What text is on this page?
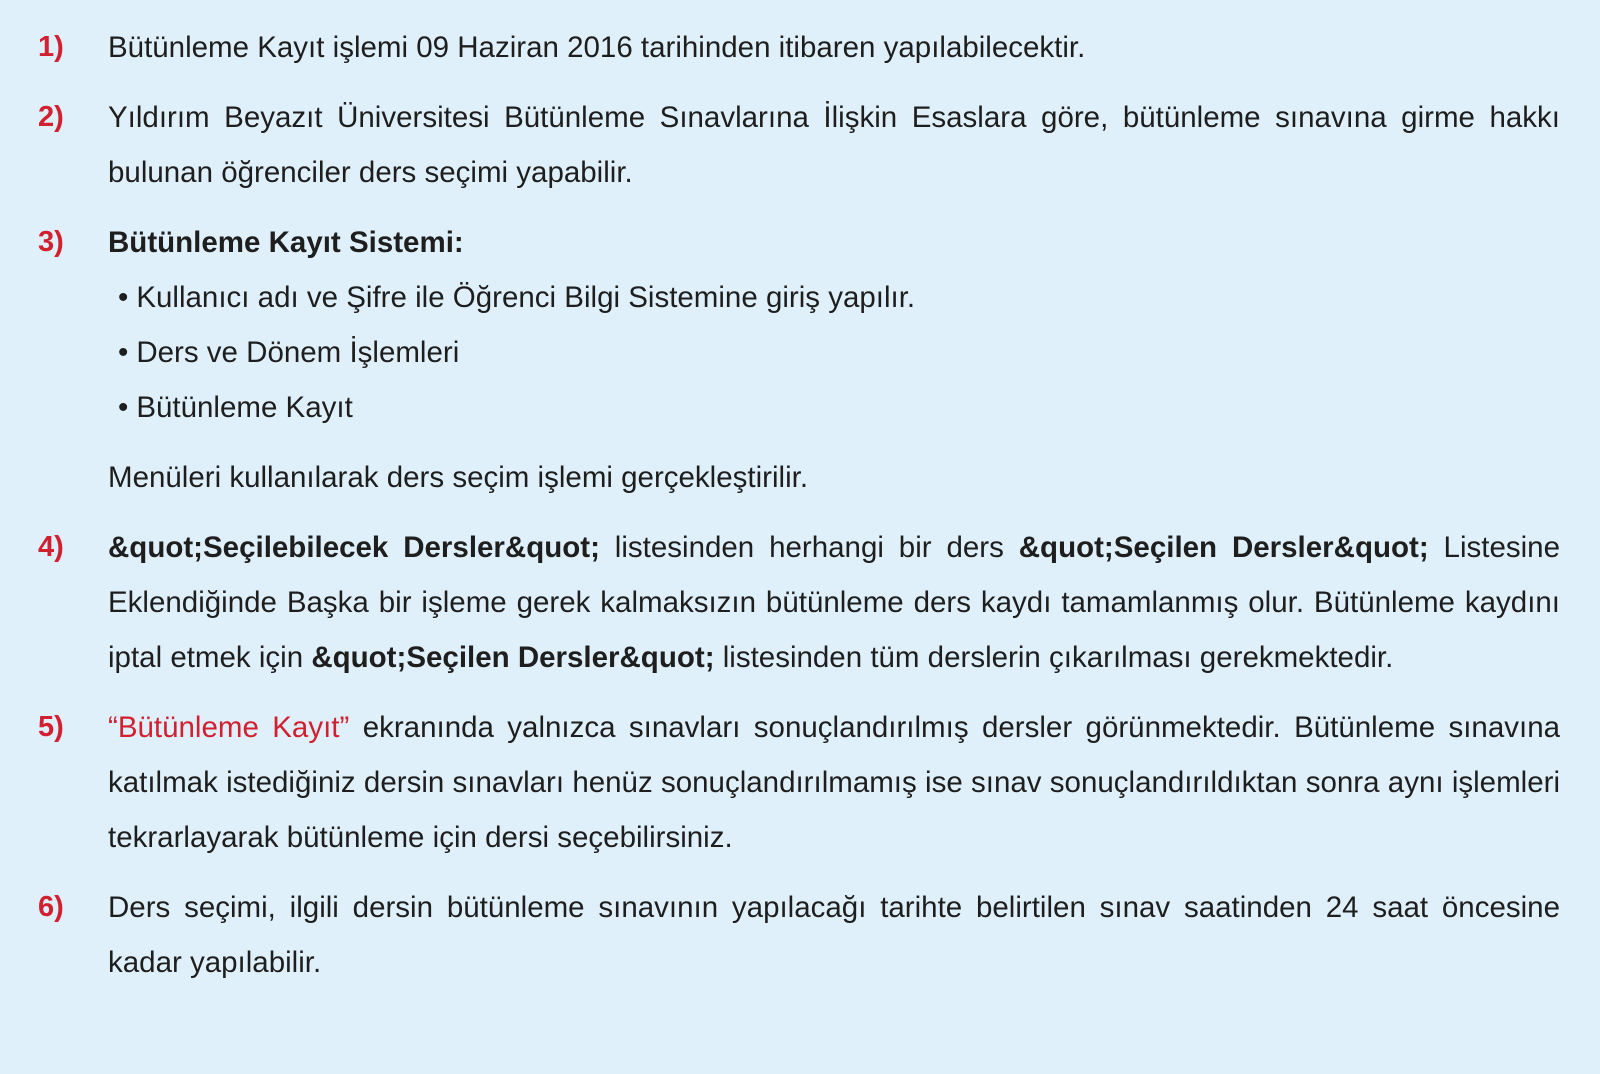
1)	Bütünleme Kayıt işlemi 09 Haziran 2016 tarihinden itibaren yapılabilecektir.
2)	Yıldırım Beyazıt Üniversitesi Bütünleme Sınavlarına İlişkin Esaslara göre, bütünleme sınavına girme hakkı bulunan öğrenciler ders seçimi yapabilir.
3)	Bütünleme Kayıt Sistemi:
• Kullanıcı adı ve Şifre ile Öğrenci Bilgi Sistemine giriş yapılır.
• Ders ve Dönem İşlemleri
• Bütünleme Kayıt
Menüleri kullanılarak ders seçim işlemi gerçekleştirilir.
4)	&quot;Seçilebilecek Dersler&quot; listesinden herhangi bir ders &quot;Seçilen Dersler&quot; Listesine Eklendiğinde Başka bir işleme gerek kalmaksızın bütünleme ders kaydı tamamlanmış olur. Bütünleme kaydını iptal etmek için &quot;Seçilen Dersler&quot; listesinden tüm derslerin çıkarılması gerekmektedir.
5)	“Bütünleme Kayıt” ekranında yalnızca sınavları sonuçlandırılmış dersler görünmektedir. Bütünleme sınavına katılmak istediğiniz dersin sınavları henüz sonuçlandırılmamış ise sınav sonuçlandırıldıktan sonra aynı işlemleri tekrarlayarak bütünleme için dersi seçebilirsiniz.
6)	Ders seçimi, ilgili dersin bütünleme sınavının yapılacağı tarihte belirtilen sınav saatinden 24 saat öncesine kadar yapılabilir.
